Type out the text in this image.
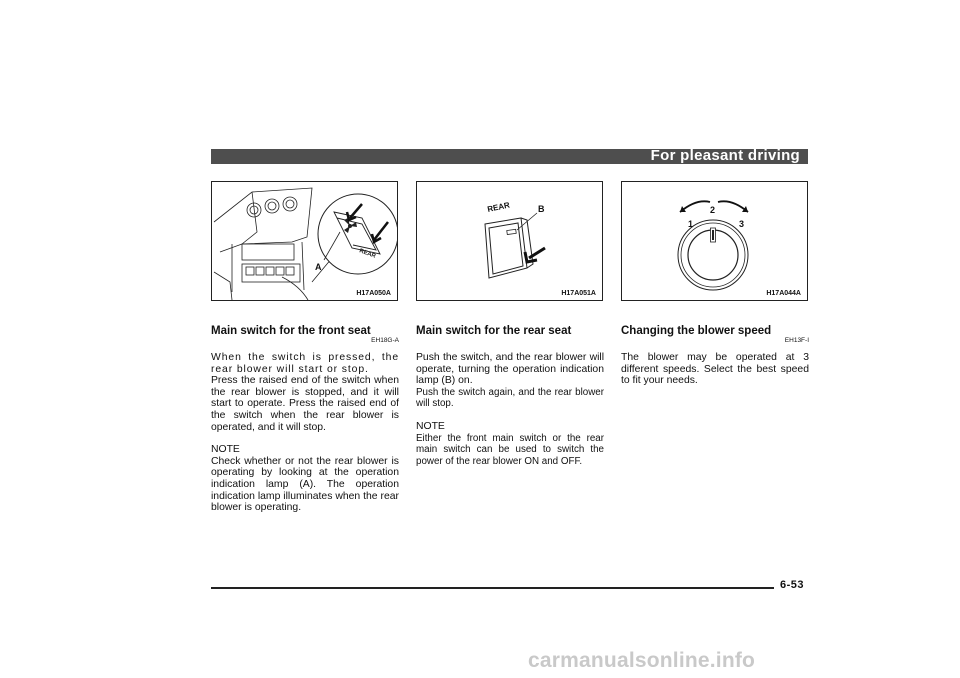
For pleasant driving
REAR
A
H17A050A
REAR	B
H17A051A
2
1	3
H17A044A
Main switch for the front seat
EH18G-A

When the switch is pressed, the rear blower will start or stop.

Press the raised end of the switch when the rear blower is stopped, and it will start to operate. Press the raised end of the switch when the rear blower is operated, and it will stop.

NOTE

Check whether or not the rear blower is operating by looking at the operation indication lamp (A). The operation indication lamp illuminates when the rear blower is operating.

Main switch for the rear seat

Push the switch, and the rear blower will operate, turning the operation indication lamp (B) on.

Push the switch again, and the rear blower will stop.

NOTE

Either the front main switch or the rear main switch can be used to switch the power of the rear blower ON and OFF.

Changing the blower speed
EH13F-I

The blower may be operated at 3 different speeds. Select the best speed to fit your needs.

6-53
carmanualsonline.info
